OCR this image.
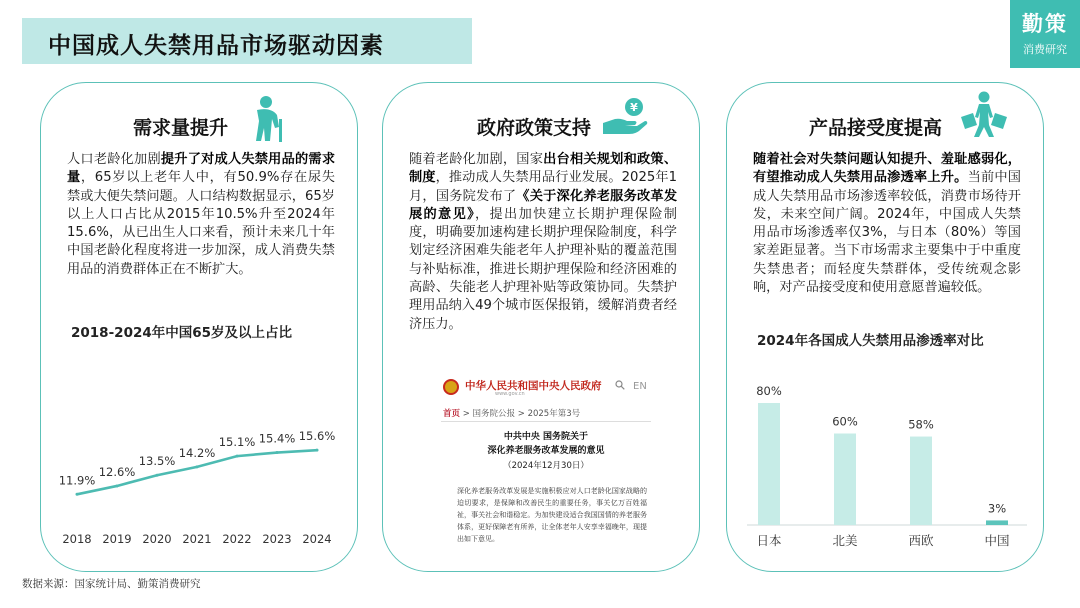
中国成人失禁用品市场驱动因素
勤策
消费研究
需求量提升
人口老龄化加剧提升了对成人失禁用品的需求量，65岁以上老年人中，有50.9%存在尿失禁或大便失禁问题。人口结构数据显示，65岁以上人口占比从2015年10.5%升至2024年15.6%，从已出生人口来看，预计未来几十年中国老龄化程度将进一步加深，成人消费失禁用品的消费群体正在不断扩大。
2018-2024年中国65岁及以上占比
11.9%
2018
12.6%
2019
13.5%
2020
14.2%
2021
15.1%
2022
15.4%
2023
15.6%
2024
政府政策支持
¥
随着老龄化加剧，国家出台相关规划和政策、制度，推动成人失禁用品行业发展。2025年1月，国务院发布了《关于深化养老服务改革发展的意见》，提出加快建立长期护理保险制度，明确要加速构建长期护理保险制度，科学划定经济困难失能老年人护理补贴的覆盖范围与补贴标准，推进长期护理保险和经济困难的高龄、失能老人护理补贴等政策协同。失禁护理用品纳入49个城市医保报销，缓解消费者经济压力。
中华人民共和国中央人民政府
www.gov.cn
EN
首页 > 国务院公报 > 2025年第3号
中共中央 国务院关于
深化养老服务改革发展的意见
（2024年12月30日）
深化养老服务改革发展是实施积极应对人口老龄化国家战略的迫切要求，是保障和改善民生的重要任务，事关亿万百姓福祉，事关社会和谐稳定。为加快建设适合我国国情的养老服务体系，更好保障老有所养，让全体老年人安享幸福晚年，现提出如下意见。
产品接受度提高
随着社会对失禁问题认知提升、羞耻感弱化，有望推动成人失禁用品渗透率上升。当前中国成人失禁用品市场渗透率较低，消费市场待开发，未来空间广阔。2024年，中国成人失禁用品市场渗透率仅3%，与日本（80%）等国家差距显著。当下市场需求主要集中于中重度失禁患者；而轻度失禁群体，受传统观念影响，对产品接受度和使用意愿普遍较低。
2024年各国成人失禁用品渗透率对比
80%
日本
60%
北美
58%
西欧
3%
中国
数据来源：国家统计局、勤策消费研究
